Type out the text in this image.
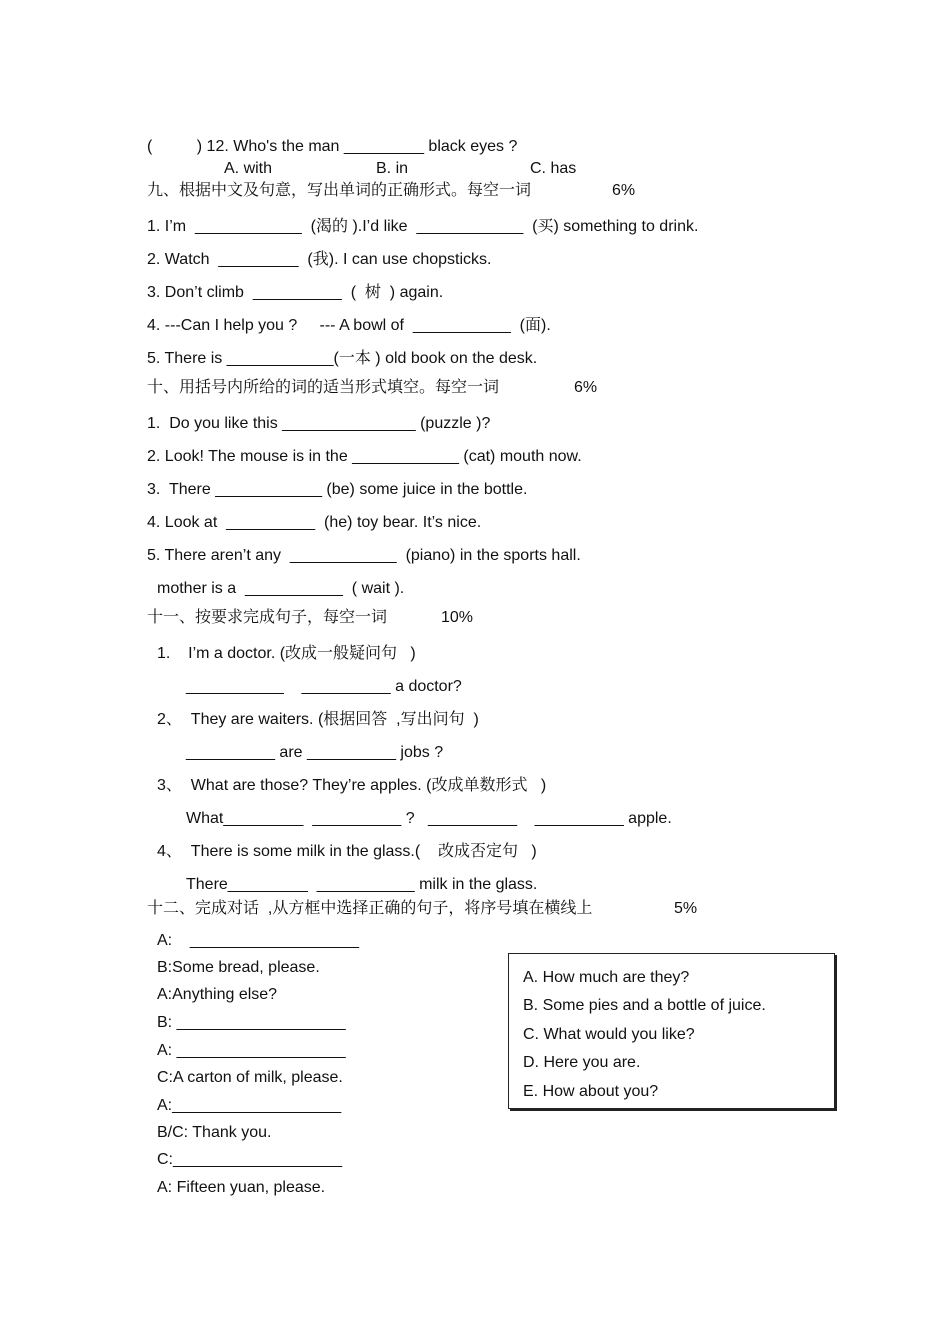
(          ) 12. Who's the man _________ black eyes ?
A. with	B. in	C. has
九、根据中文及句意，写出单词的正确形式。每空一词	6%
1. I’m  ____________  (渴的 ).I’d like  ____________  (买) something to drink.
2. Watch  _________  (我). I can use chopsticks.
3. Don’t climb  __________  (  树  ) again.
4. ---Can I help you ?     --- A bowl of  ___________  (面).
5. There is ____________(一本 ) old book on the desk.
十、用括号内所给的词的适当形式填空。每空一词	6%
1.  Do you like this _______________ (puzzle )?
2. Look! The mouse is in the ____________ (cat) mouth now.
3.  There ____________ (be) some juice in the bottle.
4. Look at  __________  (he) toy bear. It’s nice.
5. There aren’t any  ____________  (piano) in the sports hall.
mother is a  ___________  ( wait ).
十一、按要求完成句子，每空一词	10%
1.    I’m a doctor. (改成一般疑问句   )
___________    __________ a doctor?
2、  They are waiters. (根据回答  ,写出问句  )
__________ are __________ jobs ?
3、  What are those? They’re apples. (改成单数形式   )
What_________  __________ ?   __________    __________ apple.
4、  There is some milk in the glass.(    改成否定句   )
There_________  ___________ milk in the glass.
十二、完成对话  ,从方框中选择正确的句子，将序号填在横线上	5%
A:    ___________________
B:Some bread, please.
A:Anything else?
B: ___________________
A: ___________________
C:A carton of milk, please.
A:___________________
B/C: Thank you.
C:___________________
A: Fifteen yuan, please.
A. How much are they?
B. Some pies and a bottle of juice.
C. What would you like?
D. Here you are.
E. How about you?
